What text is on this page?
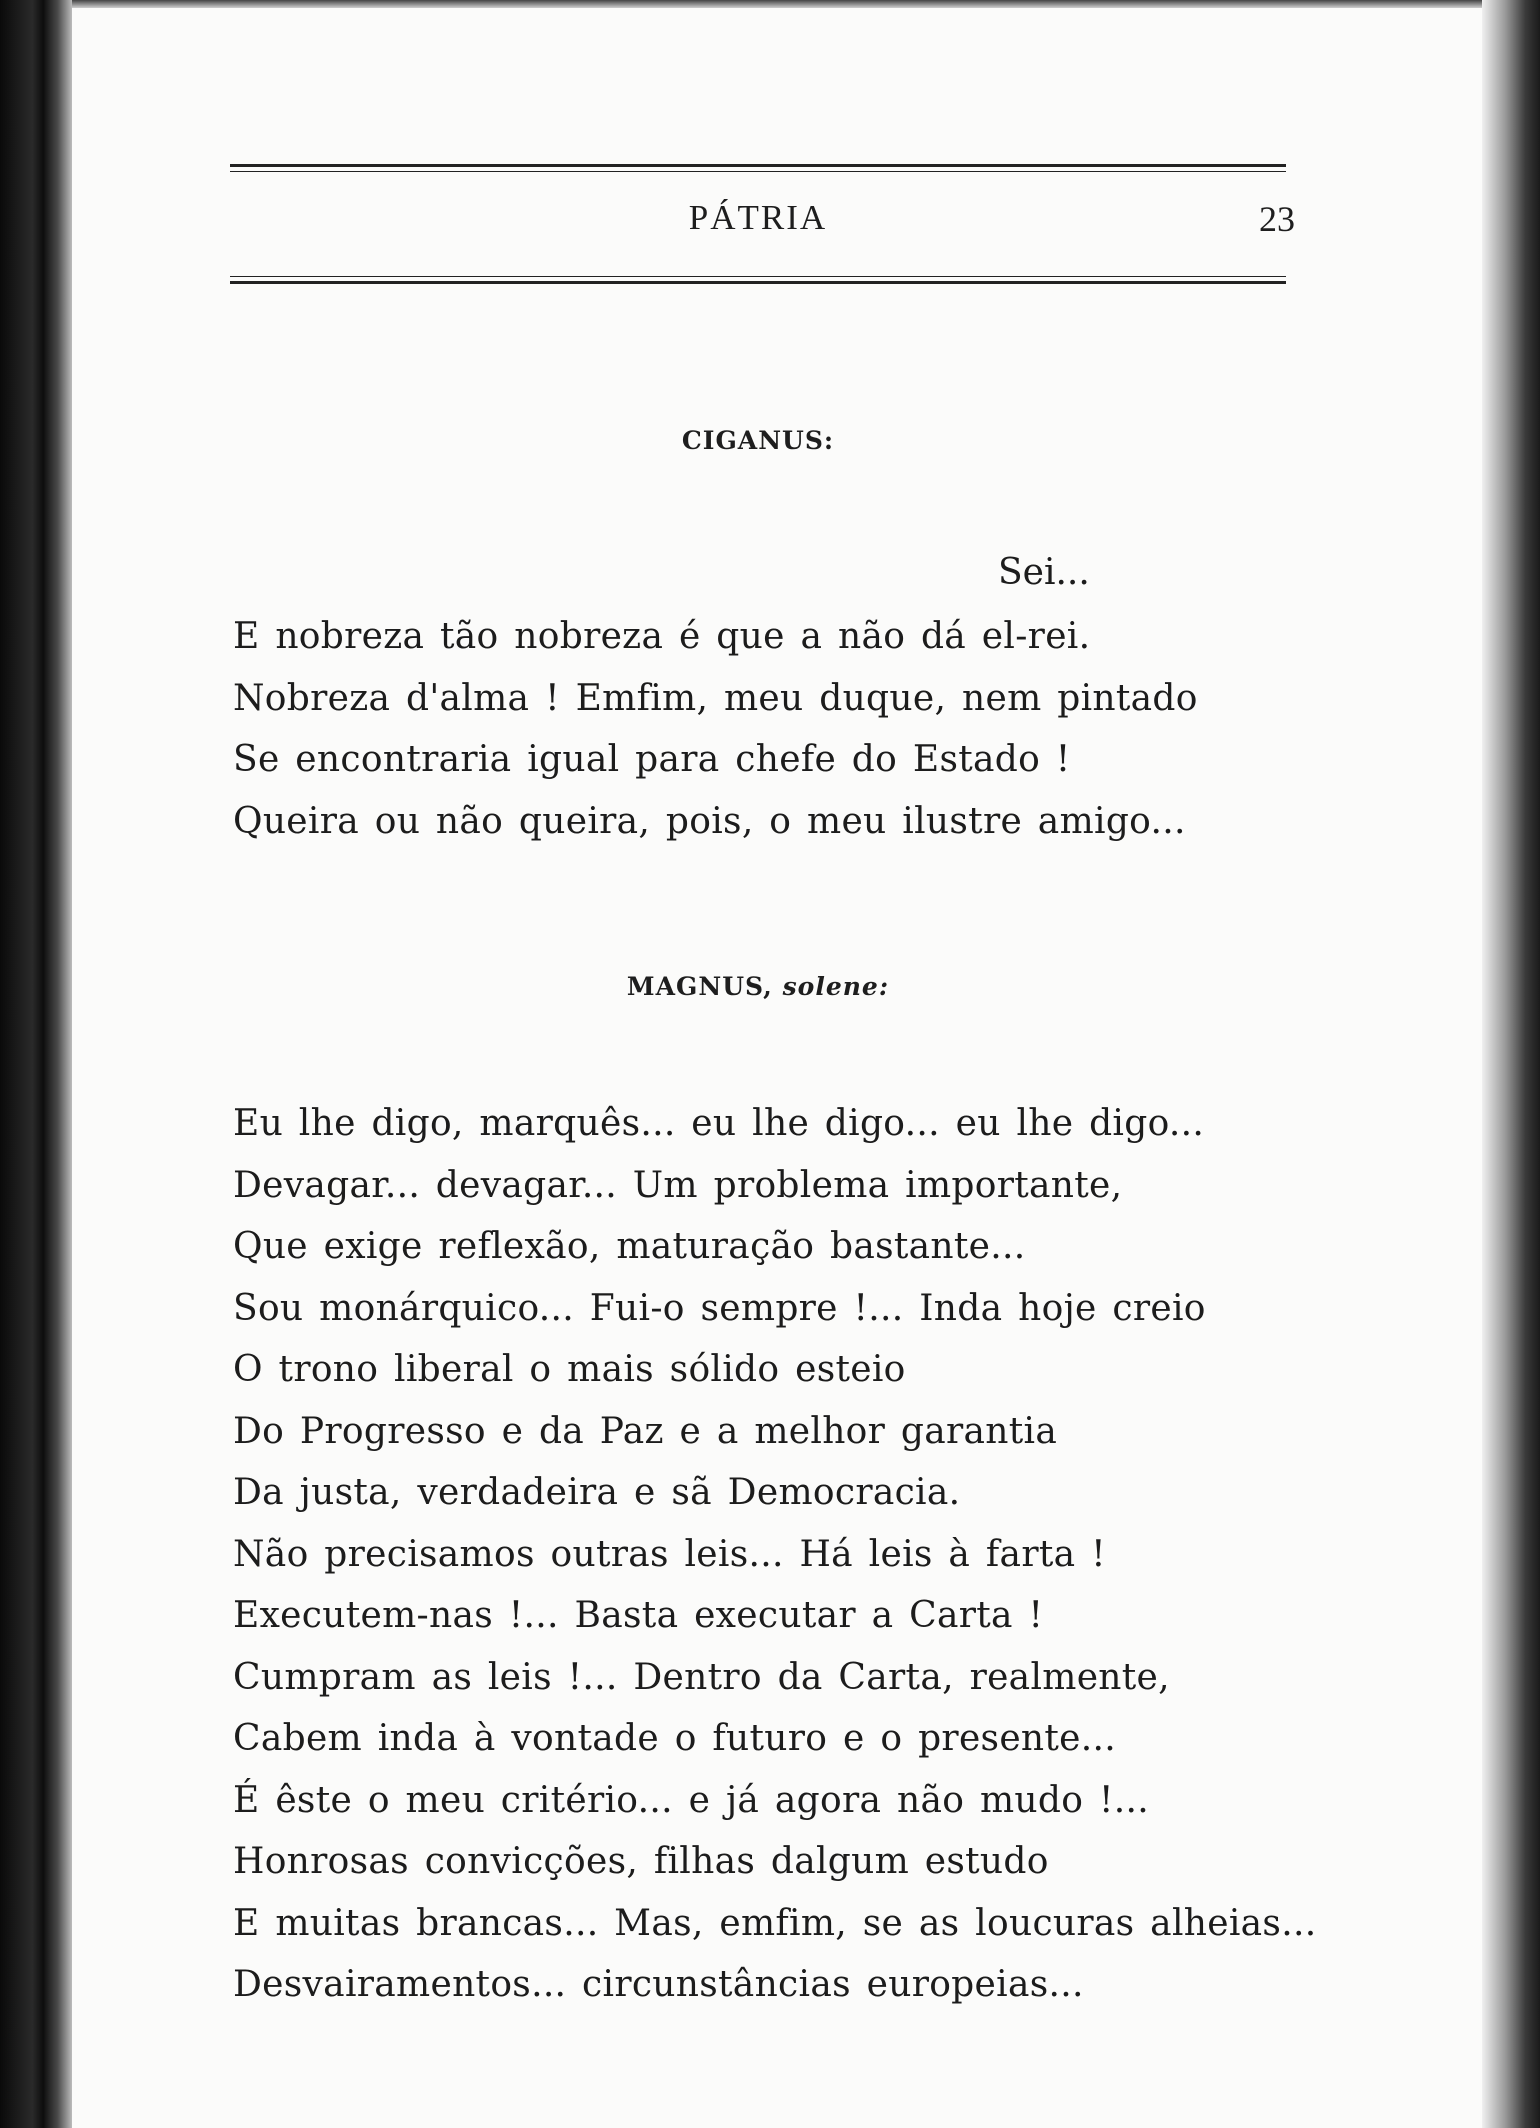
PÁTRIA	23
CIGANUS:
Sei...
E nobreza tão nobreza é que a não dá el-rei.
Nobreza d'alma ! Emfim, meu duque, nem pintado
Se encontraria igual para chefe do Estado !
Queira ou não queira, pois, o meu ilustre amigo...
MAGNUS, solene:
Eu lhe digo, marquês... eu lhe digo... eu lhe digo...
Devagar... devagar... Um problema importante,
Que exige reflexão, maturação bastante...
Sou monárquico... Fui-o sempre !... Inda hoje creio
O trono liberal o mais sólido esteio
Do Progresso e da Paz e a melhor garantia
Da justa, verdadeira e sã Democracia.
Não precisamos outras leis... Há leis à farta !
Executem-nas !... Basta executar a Carta !
Cumpram as leis !... Dentro da Carta, realmente,
Cabem inda à vontade o futuro e o presente...
É êste o meu critério... e já agora não mudo !...
Honrosas convicções, filhas dalgum estudo
E muitas brancas... Mas, emfim, se as loucuras alheias...
Desvairamentos... circunstâncias europeias...
